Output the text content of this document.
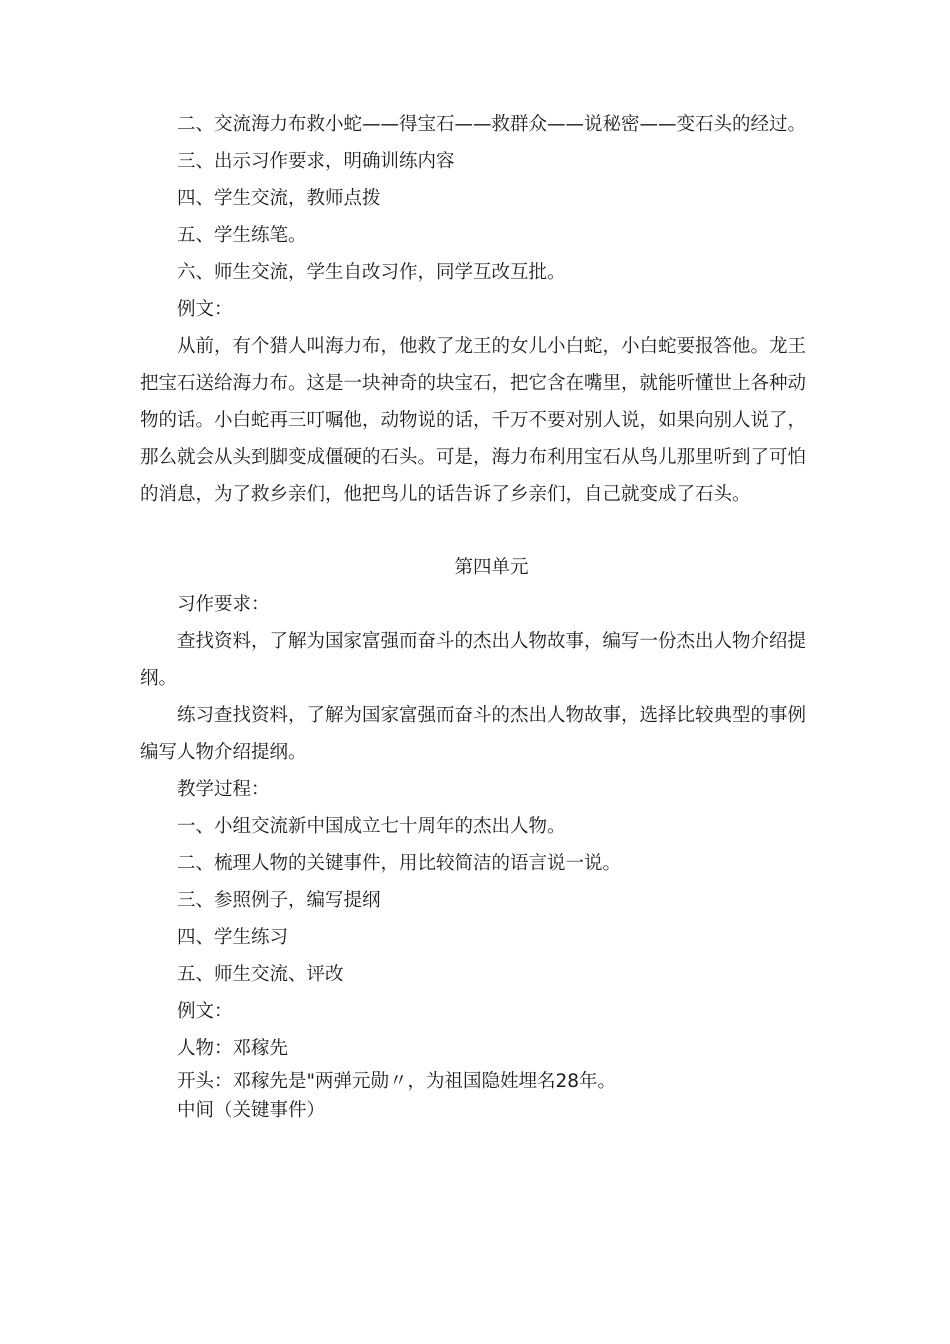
二、交流海力布救小蛇——得宝石——救群众——说秘密——变石头的经过。

三、出示习作要求，明确训练内容

四、学生交流，教师点拨

五、学生练笔。

六、师生交流，学生自改习作，同学互改互批。

例文：

从前，有个猎人叫海力布，他救了龙王的女儿小白蛇，小白蛇要报答他。龙王把宝石送给海力布。这是一块神奇的块宝石，把它含在嘴里，就能听懂世上各种动物的话。小白蛇再三叮嘱他，动物说的话，千万不要对别人说，如果向别人说了，那么就会从头到脚变成僵硬的石头。可是，海力布利用宝石从鸟儿那里听到了可怕的消息，为了救乡亲们，他把鸟儿的话告诉了乡亲们，自己就变成了石头。

第四单元

习作要求：

查找资料，了解为国家富强而奋斗的杰出人物故事，编写一份杰出人物介绍提纲。

练习查找资料，了解为国家富强而奋斗的杰出人物故事，选择比较典型的事例编写人物介绍提纲。

教学过程：

一、小组交流新中国成立七十周年的杰出人物。

二、梳理人物的关键事件，用比较简洁的语言说一说。

三、参照例子，编写提纲

四、学生练习

五、师生交流、评改

例文：

人物：邓稼先

开头：邓稼先是"两弹元勋〃，为祖国隐姓埋名28年。

中间（关键事件）
